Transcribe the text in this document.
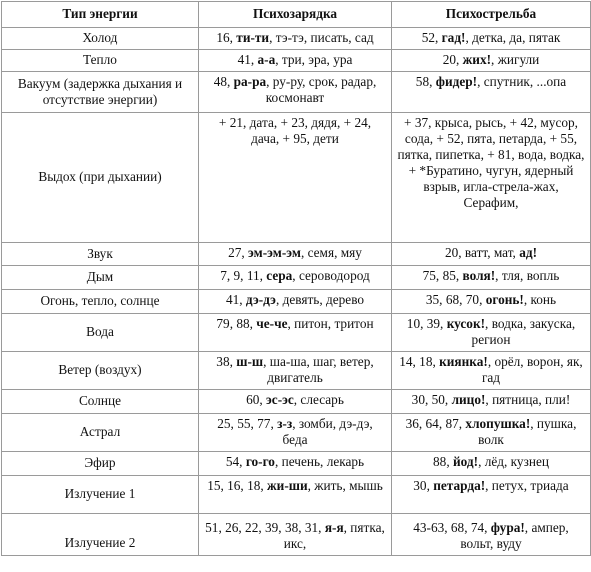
Тип энергии	Психозарядка	Психострельба
Холод	16, ти-ти, тэ-тэ, писать, сад	52, гад!, детка, да, пятак
Тепло	41, а-а, три, эра, ура	20, жих!, жигули
Вакуум (задержка дыхания и отсутствие энергии)	48, ра-ра, ру-ру, срок, радар, космонавт	58, фидер!, спутник, ...опа
Выдох (при дыхании)	+ 21, дата, + 23, дядя, + 24, дача, + 95, дети	+ 37, крыса, рысь, + 42, мусор, сода, + 52, пята, петарда, + 55, пятка, пипетка, + 81, вода, водка, + *Буратино, чугун, ядерный взрыв, игла-стрела-жах, Серафим,
Звук	27, эм-эм-эм, семя, мяу	20, ватт, мат, ад!
Дым	7, 9, 11, сера, сероводород	75, 85, воля!, тля, вопль
Огонь, тепло, солнце	41, дэ-дэ, девять, дерево	35, 68, 70, огонь!, конь
Вода	79, 88, че-че, питон, тритон	10, 39, кусок!, водка, закуска, регион
Ветер (воздух)	38, ш-ш, ша-ша, шаг, ветер, двигатель	14, 18, киянка!, орёл, ворон, як, гад
Солнце	60, эс-эс, слесарь	30, 50, лицо!, пятница, пли!
Астрал	25, 55, 77, з-з, зомби, дэ-дэ, беда	36, 64, 87, хлопушка!, пушка, волк
Эфир	54, го-го, печень, лекарь	88, йод!, лёд, кузнец
Излучение 1	15, 16, 18, жи-ши, жить, мышь	30, петарда!, петух, триада
Излучение 2	51, 26, 22, 39, 38, 31, я-я, пятка, икс,	43-63, 68, 74, фура!, ампер, вольт, вуду
